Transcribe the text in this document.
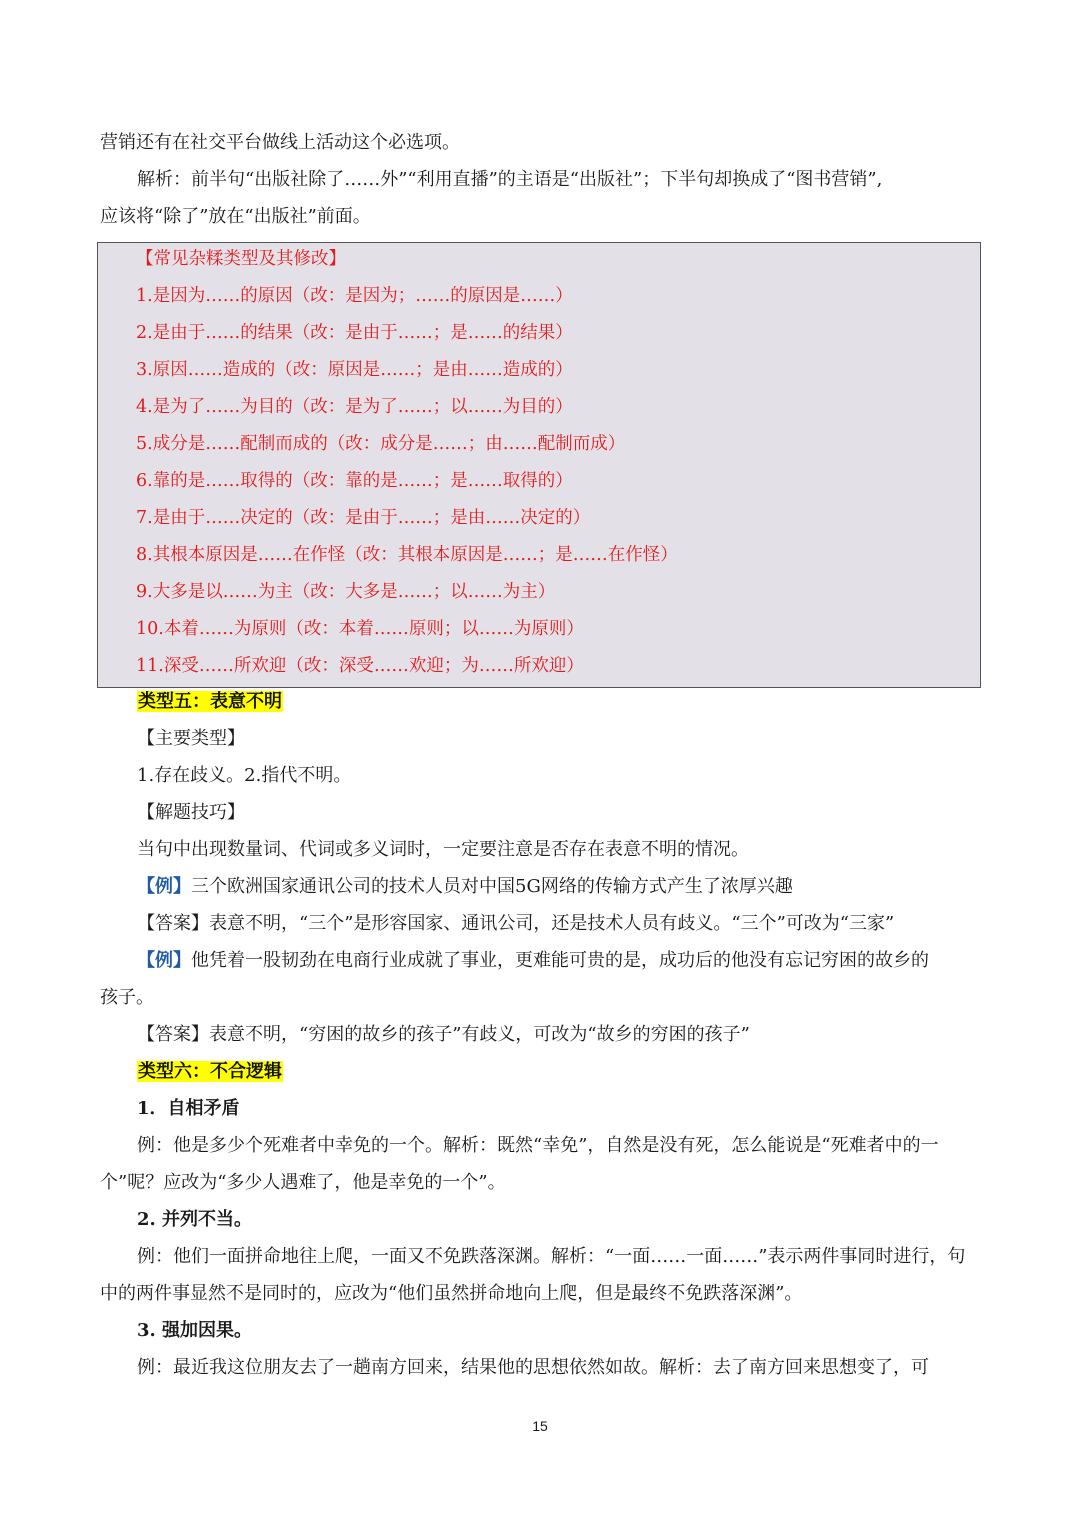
营销还有在社交平台做线上活动这个必选项。
解析：前半句“出版社除了……外”“利用直播”的主语是“出版社”；下半句却换成了“图书营销”,
应该将“除了”放在“出版社”前面。
【常见杂糅类型及其修改】
1.是因为……的原因（改：是因为；……的原因是……）
2.是由于……的结果（改：是由于……；是……的结果）
3.原因……造成的（改：原因是……；是由……造成的）
4.是为了……为目的（改：是为了……；以……为目的）
5.成分是……配制而成的（改：成分是……；由……配制而成）
6.靠的是……取得的（改：靠的是……；是……取得的）
7.是由于……决定的（改：是由于……；是由……决定的）
8.其根本原因是……在作怪（改：其根本原因是……；是……在作怪）
9.大多是以……为主（改：大多是……；以……为主）
10.本着……为原则（改：本着……原则；以……为原则）
11.深受……所欢迎（改：深受……欢迎；为……所欢迎）
类型五：表意不明
【主要类型】
1.存在歧义。2.指代不明。
【解题技巧】
当句中出现数量词、代词或多义词时，一定要注意是否存在表意不明的情况。
【例】三个欧洲国家通讯公司的技术人员对中国5G网络的传输方式产生了浓厚兴趣
【答案】表意不明，“三个”是形容国家、通讯公司，还是技术人员有歧义。“三个”可改为“三家”
【例】他凭着一股韧劲在电商行业成就了事业，更难能可贵的是，成功后的他没有忘记穷困的故乡的
孩子。
【答案】表意不明，“穷困的故乡的孩子”有歧义，可改为“故乡的穷困的孩子”
类型六：不合逻辑
1．自相矛盾
例：他是多少个死难者中幸免的一个。解析：既然“幸免”，自然是没有死，怎么能说是“死难者中的一
个”呢？应改为“多少人遇难了，他是幸免的一个”。
2. 并列不当。
例：他们一面拼命地往上爬，一面又不免跌落深渊。解析：“一面……一面……”表示两件事同时进行，句
中的两件事显然不是同时的，应改为“他们虽然拼命地向上爬，但是最终不免跌落深渊”。
3. 强加因果。
例：最近我这位朋友去了一趟南方回来，结果他的思想依然如故。解析：去了南方回来思想变了，可
15
